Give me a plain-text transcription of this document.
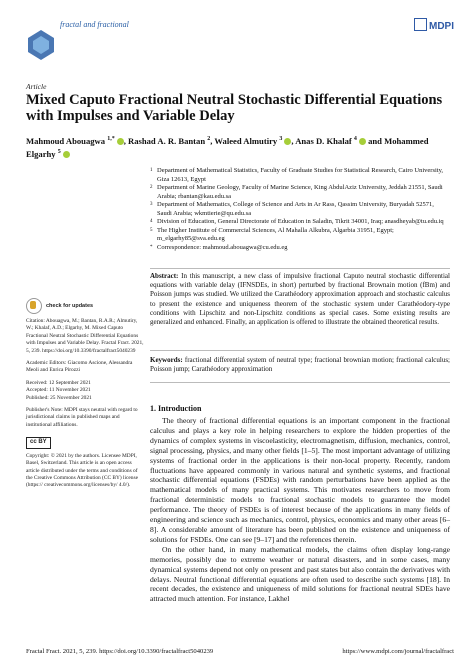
fractal and fractional	MDPI
Article
Mixed Caputo Fractional Neutral Stochastic Differential Equations with Impulses and Variable Delay
Mahmoud Abouagwa $^{1,*}$ , Rashad A. R. Bantan $^2$, Waleed Almutiry $^3$ , Anas D. Khalaf $^4$ and Mohammed Elgarhy $^5$
1 Department of Mathematical Statistics, Faculty of Graduate Studies for Statistical Research, Cairo University, Giza 12613, Egypt
2 Department of Marine Geology, Faculty of Marine Science, King AbdulAziz University, Jeddah 21551, Saudi Arabia; rbantan@kau.edu.sa
3 Department of Mathematics, College of Science and Arts in Ar Rass, Qassim University, Buryadah 52571, Saudi Arabia; wkmtierie@qu.edu.sa
4 Division of Education, General Directorate of Education in Saladin, Tikrit 34001, Iraq; anasdheyab@tu.edu.iq
5 The Higher Institute of Commercial Sciences, Al Mahalla Alkubra, Algarbia 31951, Egypt; m_elgarhy85@sva.edu.eg
* Correspondence: mahmoud.abouagwa@cu.edu.eg
Abstract: In this manuscript, a new class of impulsive fractional Caputo neutral stochastic differential equations with variable delay (IFNSDEs, in short) perturbed by fractional Brownain motion (fBm) and Poisson jumps was studied. We utilized the Carathéodory approximation approach and stochastic calculus to present the existence and uniqueness theorem of the stochastic system under Carathéodory-type conditions with Lipschitz and non-Lipschitz conditions as special cases. Some existing results are generalized and enhanced. Finally, an application is offered to illustrate the obtained theoretical results.
Keywords: fractional differential system of neutral type; fractional brownian motion; fractional calculus; Poisson jump; Carathéodory approximation
check for updates
Citation: Abouagwa, M.; Bantan, R.A.R.; Almutiry, W.; Khalaf, A.D.; Elgarhy, M. Mixed Caputo Fractional Neutral Stochastic Differential Equations with Impulses and Variable Delay. Fractal Fract. 2021, 5, 239. https://doi.org/10.3390/fractalfract5040239
Academic Editors: Giacomo Ascione, Alessandra Meoli and Enrica Pirozzi
Received: 12 September 2021
Accepted: 11 November 2021
Published: 25 November 2021
Publisher's Note: MDPI stays neutral with regard to jurisdictional claims in published maps and institutional affiliations.
cc BY
Copyright: © 2021 by the authors. Licensee MDPI, Basel, Switzerland. This article is an open access article distributed under the terms and conditions of the Creative Commons Attribution (CC BY) license (https:// creativecommons.org/licenses/by/ 4.0/).
1. Introduction

The theory of fractional differential equations is an important component in the fractional calculus and plays a key role in helping researchers to explore the hidden properties of the dynamics of complex systems in viscoelasticity, electromagnetism, diffusion, mechanics, control, signal processing, physics, and many other fields [1–5]. The most important advantage of utilizing systems of fractional order in the applications is their non-local property. Recently, random fluctuations have appeared commonly in various natural and synthetic systems, and fractional stochastic differential equations (FSDEs) with random perturbations have been applied as the mathematical models of many practical systems. This motivates researchers to move from fractional deterministic models to fractional stochastic models to guarantee the model performance. The theory of FSDEs is of interest because of the applications in many fields of engineering and science such as mechanics, control, physics, economics and many other areas [6–8]. A considerable amount of literature has been published on the existence and uniqueness of solutions for FSDEs. One can see [9–17] and the references therein.

On the other hand, in many mathematical models, the claims often display long-range memories, possibly due to extreme weather or natural disasters, and in some cases, many dynamical systems depend not only on present and past states but also contain the derivatives with delays. Neutral functional differential equations are often used to describe such systems [18]. In recent decades, the existence and uniqueness of mild solutions for fractional neutral SDEs have attracted much attention. For instance, Lakhel

Fractal Fract. 2021, 5, 239. https://doi.org/10.3390/fractalfract5040239	https://www.mdpi.com/journal/fractalfract
